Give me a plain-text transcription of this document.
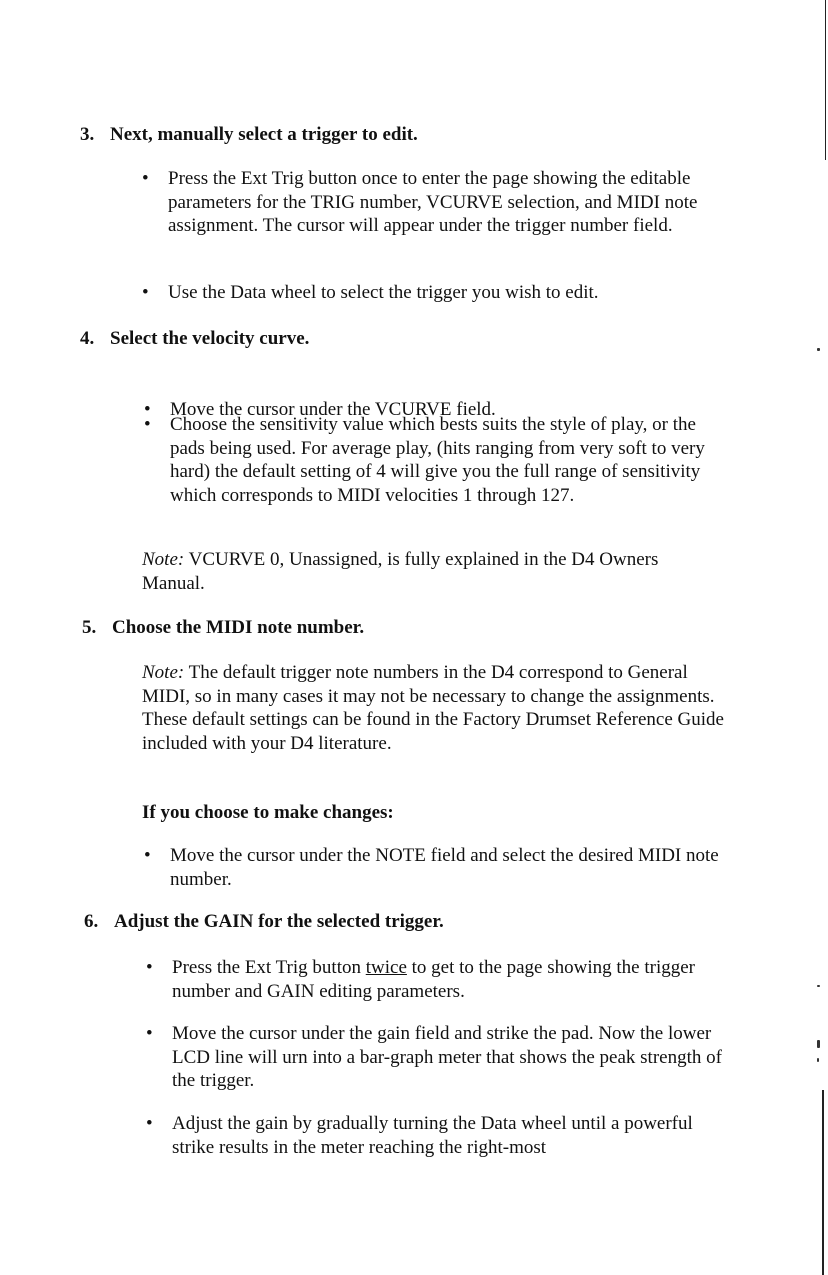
3. Next, manually select a trigger to edit.
• Press the Ext Trig button once to enter the page showing the editable parameters for the TRIG number, VCURVE selection, and MIDI note assignment. The cursor will appear under the trigger number field.
• Use the Data wheel to select the trigger you wish to edit.
4. Select the velocity curve.
• Move the cursor under the VCURVE field.
• Choose the sensitivity value which bests suits the style of play, or the pads being used. For average play, (hits ranging from very soft to very hard) the default setting of 4 will give you the full range of sensitivity which corresponds to MIDI velocities 1 through 127.
Note: VCURVE 0, Unassigned, is fully explained in the D4 Owners Manual.
5. Choose the MIDI note number.
Note: The default trigger note numbers in the D4 correspond to General MIDI, so in many cases it may not be necessary to change the assignments. These default settings can be found in the Factory Drumset Reference Guide included with your D4 literature.
If you choose to make changes:
• Move the cursor under the NOTE field and select the desired MIDI note number.
6. Adjust the GAIN for the selected trigger.
• Press the Ext Trig button twice to get to the page showing the trigger number and GAIN editing parameters.
• Move the cursor under the gain field and strike the pad. Now the lower LCD line will urn into a bar-graph meter that shows the peak strength of the trigger.
• Adjust the gain by gradually turning the Data wheel until a powerful strike results in the meter reaching the right-most
